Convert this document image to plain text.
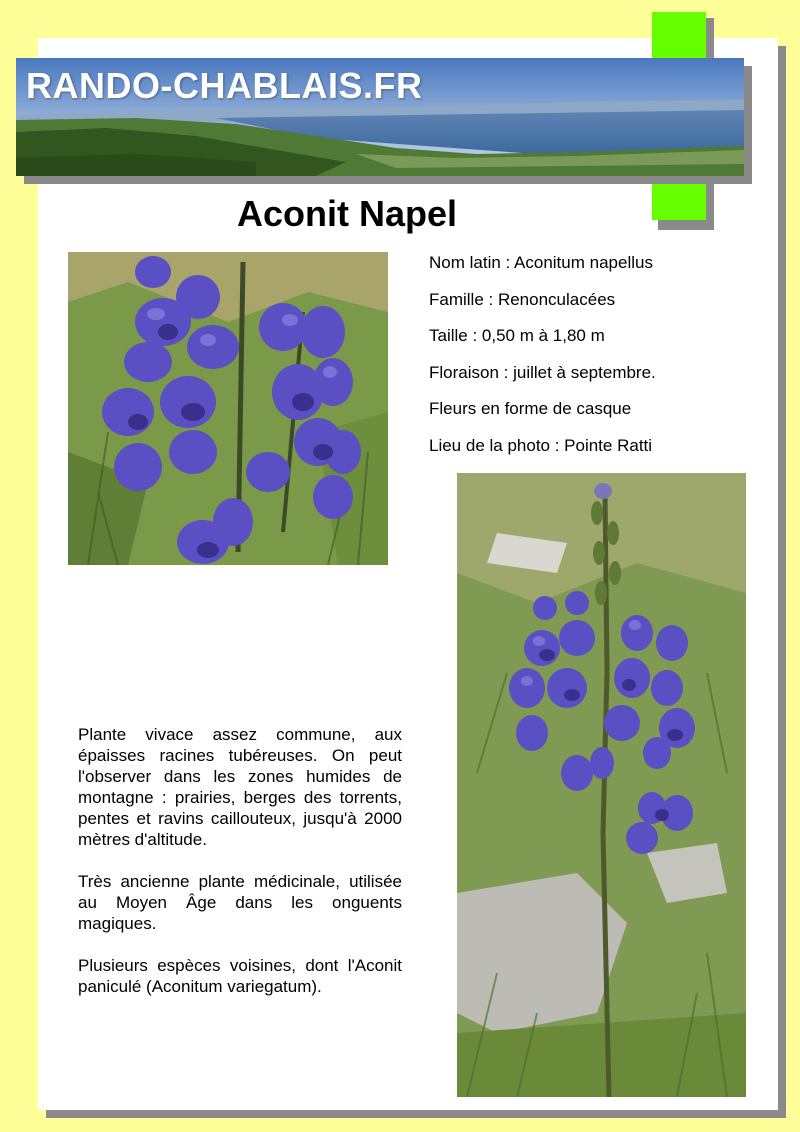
RANDO-CHABLAIS.FR
Aconit Napel
Nom latin : Aconitum napellus
Famille : Renonculacées
Taille : 0,50 m à 1,80 m
Floraison : juillet à septembre.
Fleurs en forme de casque
Lieu de la photo : Pointe Ratti

Plante vivace assez commune, aux épaisses racines tubéreuses. On peut l'observer dans les zones humides de montagne : prairies, berges des torrents, pentes et ravins caillouteux, jusqu'à 2000 mètres d'altitude.

Très ancienne plante médicinale, utilisée au Moyen Âge dans les onguents magiques.

Plusieurs espèces voisines, dont l'Aconit paniculé (Aconitum variegatum).
